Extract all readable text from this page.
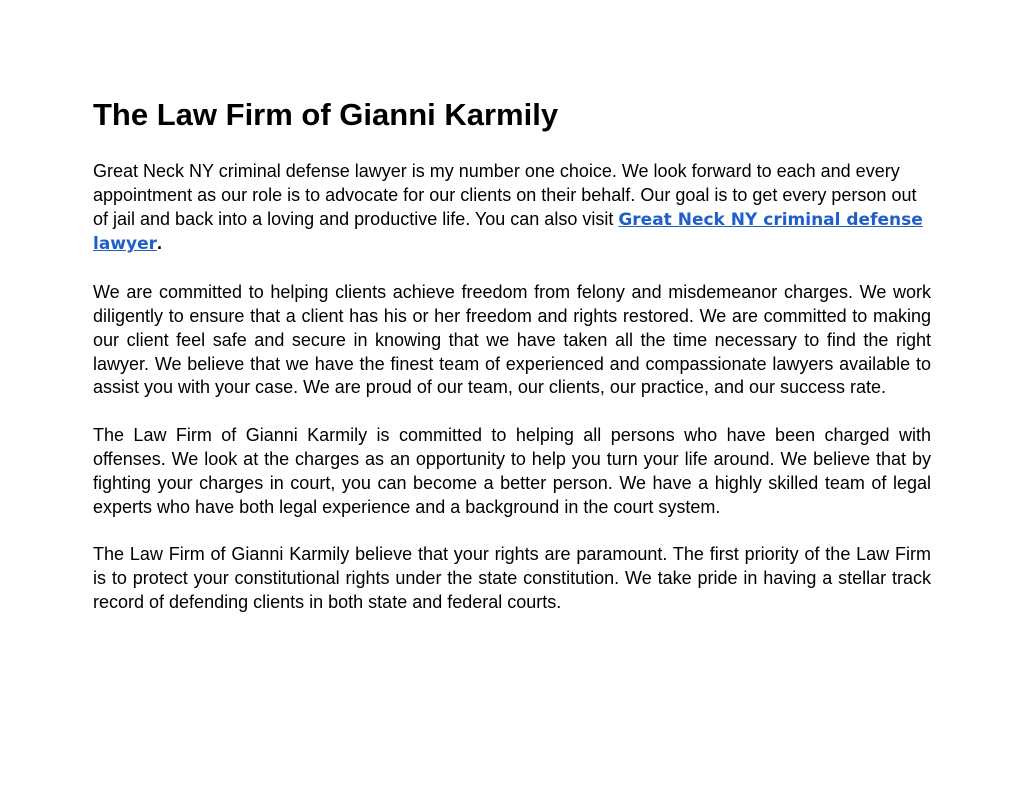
The Law Firm of Gianni Karmily

Great Neck NY criminal defense lawyer is my number one choice. We look forward to each and every appointment as our role is to advocate for our clients on their behalf. Our goal is to get every person out of jail and back into a loving and productive life. You can also visit Great Neck NY criminal defense lawyer.

We are committed to helping clients achieve freedom from felony and misdemeanor charges. We work diligently to ensure that a client has his or her freedom and rights restored. We are committed to making our client feel safe and secure in knowing that we have taken all the time necessary to find the right lawyer. We believe that we have the finest team of experienced and compassionate lawyers available to assist you with your case. We are proud of our team, our clients, our practice, and our success rate.

The Law Firm of Gianni Karmily is committed to helping all persons who have been charged with offenses. We look at the charges as an opportunity to help you turn your life around. We believe that by fighting your charges in court, you can become a better person. We have a highly skilled team of legal experts who have both legal experience and a background in the court system.

The Law Firm of Gianni Karmily believe that your rights are paramount. The first priority of the Law Firm is to protect your constitutional rights under the state constitution. We take pride in having a stellar track record of defending clients in both state and federal courts.
